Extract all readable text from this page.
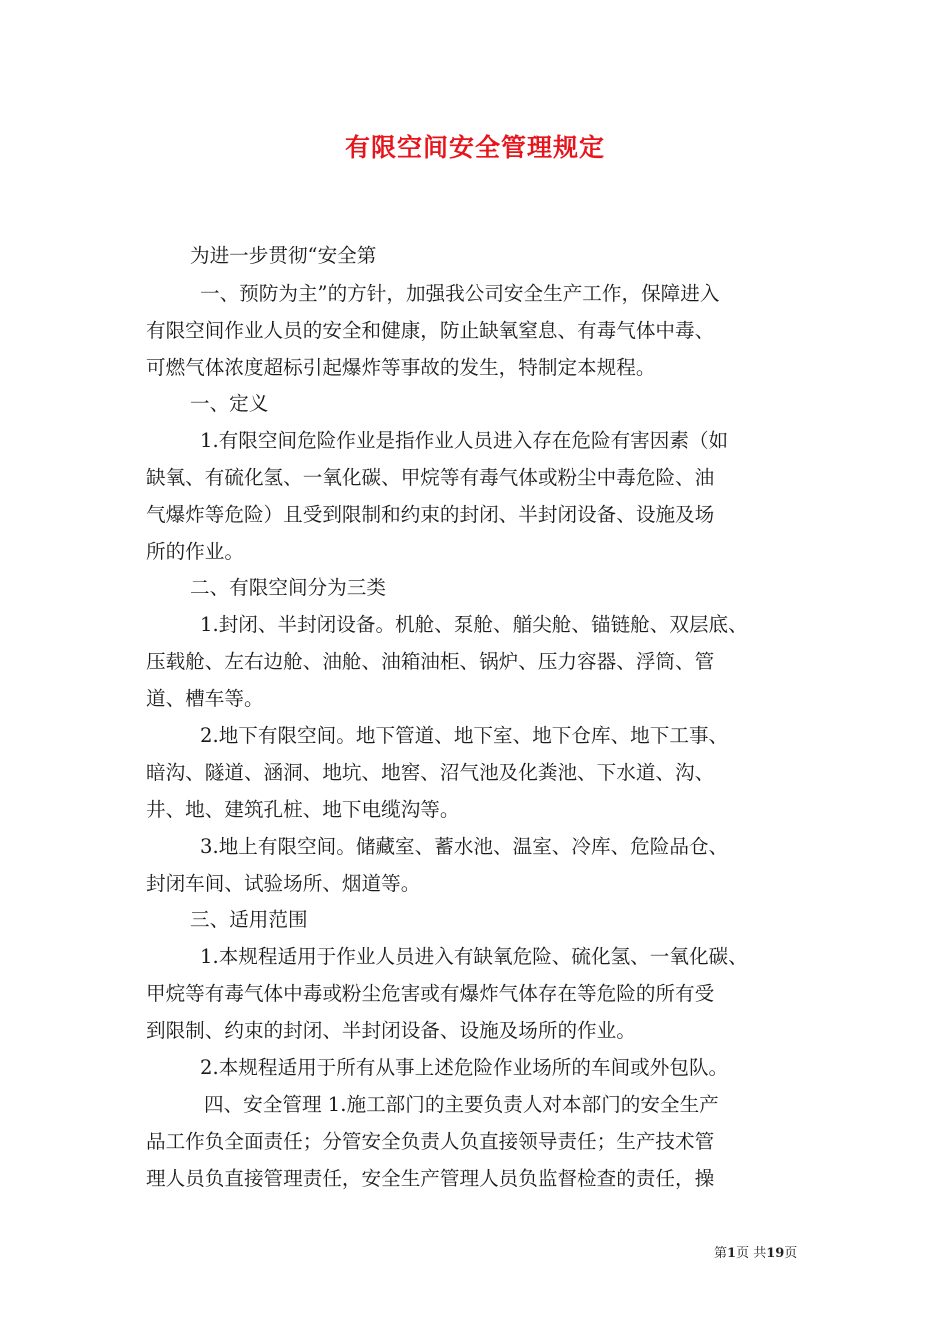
有限空间安全管理规定
为进一步贯彻“安全第
一、预防为主”的方针，加强我公司安全生产工作，保障进入
有限空间作业人员的安全和健康，防止缺氧窒息、有毒气体中毒、
可燃气体浓度超标引起爆炸等事故的发生，特制定本规程。
一、定义
1.有限空间危险作业是指作业人员进入存在危险有害因素（如
缺氧、有硫化氢、一氧化碳、甲烷等有毒气体或粉尘中毒危险、油
气爆炸等危险）且受到限制和约束的封闭、半封闭设备、设施及场
所的作业。
二、有限空间分为三类
1.封闭、半封闭设备。机舱、泵舱、艏尖舱、锚链舱、双层底、
压载舱、左右边舱、油舱、油箱油柜、锅炉、压力容器、浮筒、管
道、槽车等。
2.地下有限空间。地下管道、地下室、地下仓库、地下工事、
暗沟、隧道、涵洞、地坑、地窖、沼气池及化粪池、下水道、沟、
井、地、建筑孔桩、地下电缆沟等。
3.地上有限空间。储藏室、蓄水池、温室、冷库、危险品仓、
封闭车间、试验场所、烟道等。
三、适用范围
1.本规程适用于作业人员进入有缺氧危险、硫化氢、一氧化碳、
甲烷等有毒气体中毒或粉尘危害或有爆炸气体存在等危险的所有受
到限制、约束的封闭、半封闭设备、设施及场所的作业。
2.本规程适用于所有从事上述危险作业场所的车间或外包队。
四、安全管理 1.施工部门的主要负责人对本部门的安全生产
品工作负全面责任；分管安全负责人负直接领导责任；生产技术管
理人员负直接管理责任，安全生产管理人员负监督检查的责任，操
第1页 共19页
